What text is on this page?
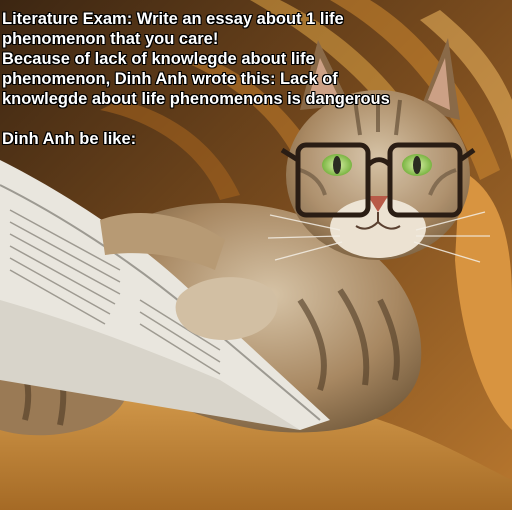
Literature Exam: Write an essay about 1 life
phenomenon that you care!
Because of lack of knowlegde about life
phenomenon, Dinh Anh wrote this: Lack of
knowlegde about life phenomenons is dangerous
Dinh Anh be like:
